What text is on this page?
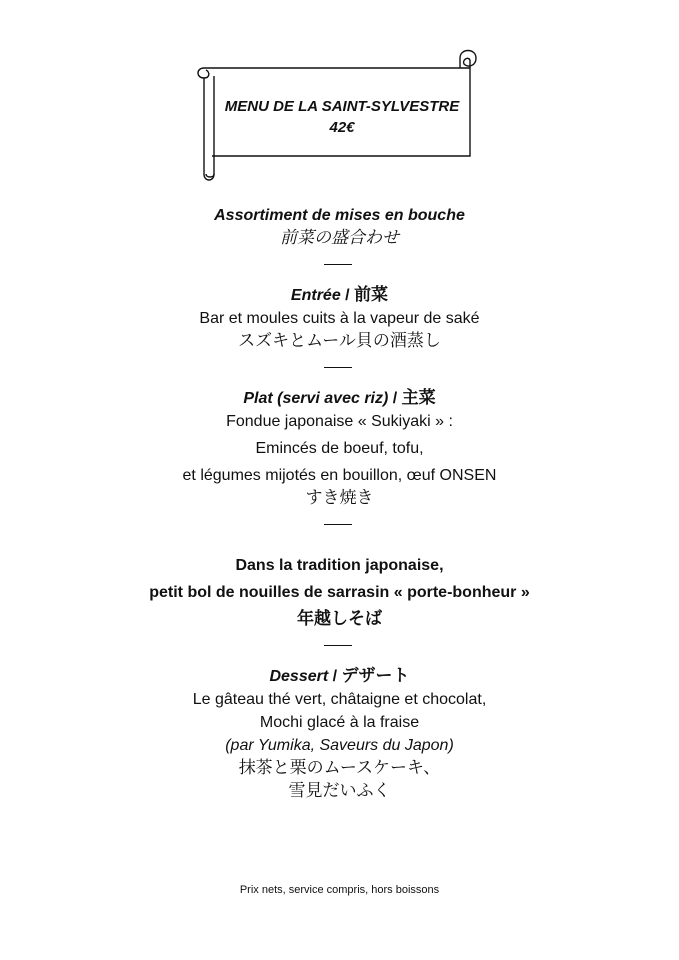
MENU DE LA SAINT-SYLVESTRE
42€
Assortiment de mises en bouche
前菜の盛合わせ
Entrée / 前菜
Bar et moules cuits à la vapeur de saké
スズキとムール貝の酒蒸し
Plat (servi avec riz) / 主菜
Fondue japonaise « Sukiyaki » :
Emincés de boeuf, tofu,
et légumes mijotés en bouillon, œuf ONSEN
すき焼き
Dans la tradition japonaise,
petit bol de nouilles de sarrasin « porte-bonheur »
年越しそば
Dessert / デザート
Le gâteau thé vert, châtaigne et chocolat,
Mochi glacé à la fraise
(par Yumika, Saveurs du Japon)
抹茶と栗のムースケーキ、
雪見だいふく
Prix nets, service compris, hors boissons
